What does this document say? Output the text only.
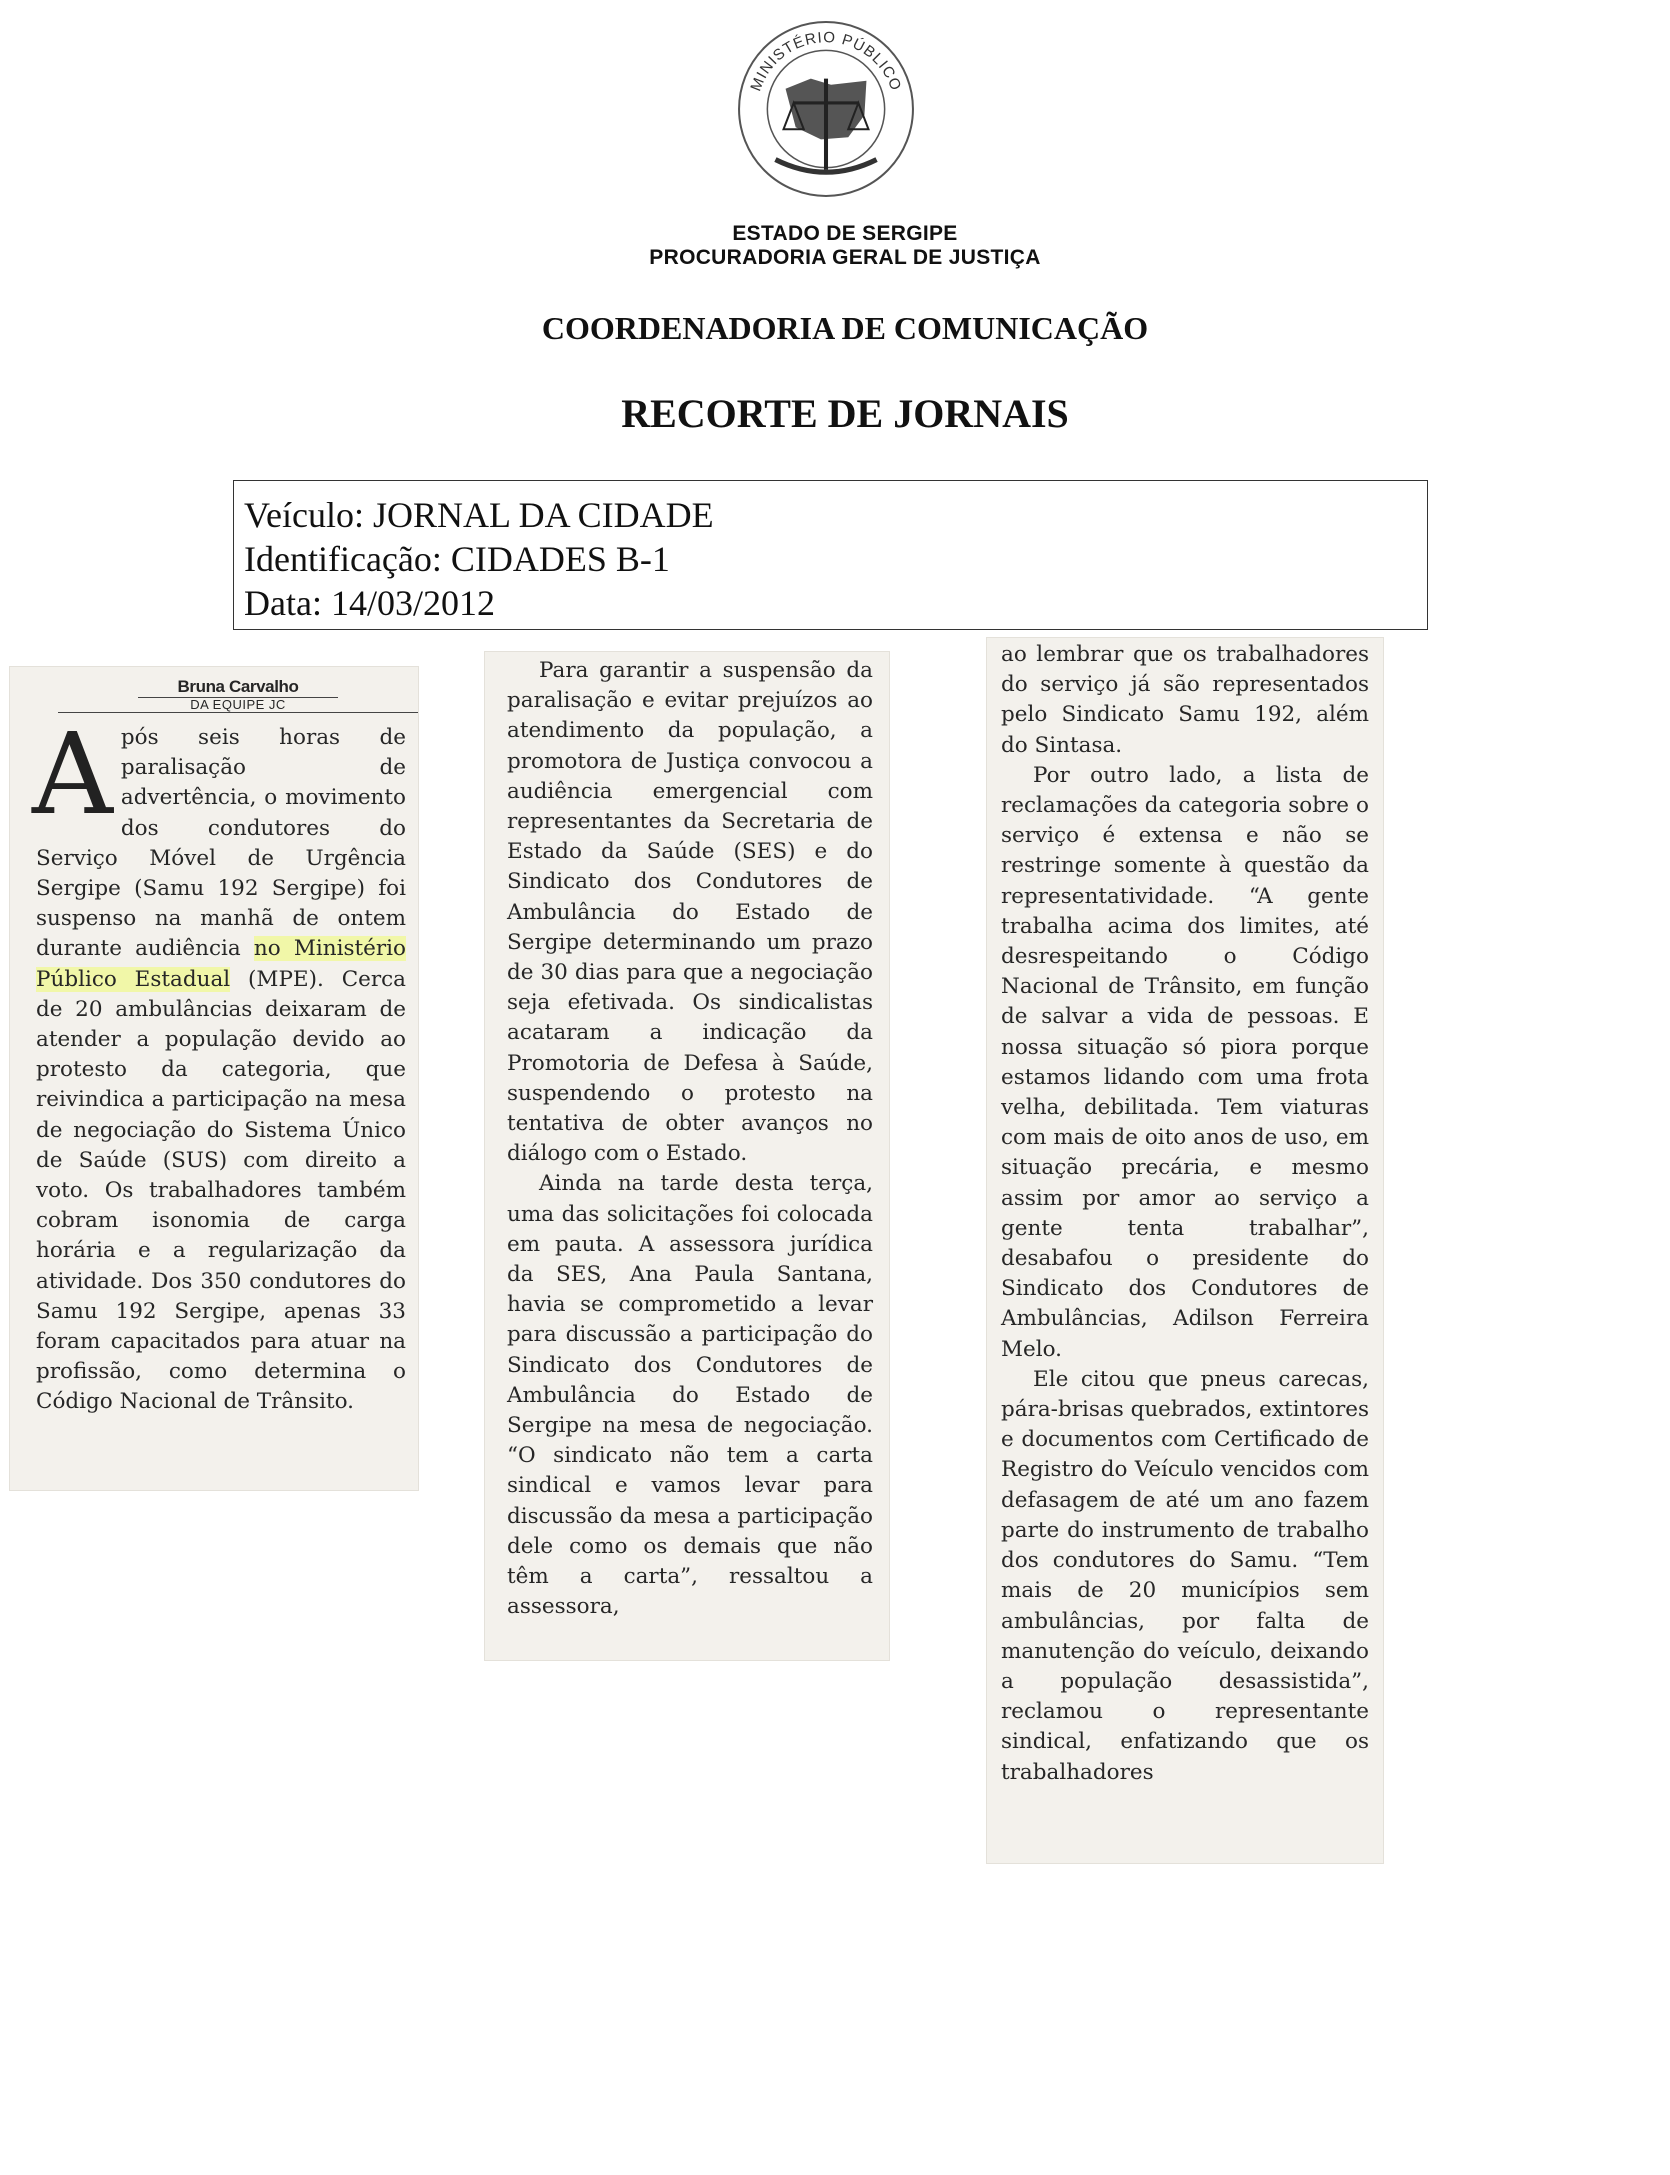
MINISTÉRIO PÚBLICO
ESTADO DE SERGIPE
PROCURADORIA GERAL DE JUSTIÇA
COORDENADORIA DE COMUNICAÇÃO
RECORTE DE JORNAIS
Veículo: JORNAL DA CIDADE
Identificação: CIDADES B-1
Data: 14/03/2012
Bruna Carvalho
DA EQUIPE JC

Após seis horas de paralisação de advertência, o movimento dos condutores do Serviço Móvel de Urgência Sergipe (Samu 192 Sergipe) foi suspenso na manhã de ontem durante audiência no Ministério Público Estadual (MPE). Cerca de 20 ambulâncias deixaram de atender a população devido ao protesto da categoria, que reivindica a participação na mesa de negociação do Sistema Único de Saúde (SUS) com direito a voto. Os trabalhadores também cobram isonomia de carga horária e a regularização da atividade. Dos 350 condutores do Samu 192 Sergipe, apenas 33 foram capacitados para atuar na profissão, como determina o Código Nacional de Trânsito.

Para garantir a suspensão da paralisação e evitar prejuízos ao atendimento da população, a promotora de Justiça convocou a audiência emergencial com representantes da Secretaria de Estado da Saúde (SES) e do Sindicato dos Condutores de Ambulância do Estado de Sergipe determinando um prazo de 30 dias para que a negociação seja efetivada. Os sindicalistas acataram a indicação da Promotoria de Defesa à Saúde, suspendendo o protesto na tentativa de obter avanços no diálogo com o Estado.

Ainda na tarde desta terça, uma das solicitações foi colocada em pauta. A assessora jurídica da SES, Ana Paula Santana, havia se comprometido a levar para discussão a participação do Sindicato dos Condutores de Ambulância do Estado de Sergipe na mesa de negociação. “O sindicato não tem a carta sindical e vamos levar para discussão da mesa a participação dele como os demais que não têm a carta”, ressaltou a assessora,

ao lembrar que os trabalhadores do serviço já são representados pelo Sindicato Samu 192, além do Sintasa.

Por outro lado, a lista de reclamações da categoria sobre o serviço é extensa e não se restringe somente à questão da representatividade. “A gente trabalha acima dos limites, até desrespeitando o Código Nacional de Trânsito, em função de salvar a vida de pessoas. E nossa situação só piora porque estamos lidando com uma frota velha, debilitada. Tem viaturas com mais de oito anos de uso, em situação precária, e mesmo assim por amor ao serviço a gente tenta trabalhar”, desabafou o presidente do Sindicato dos Condutores de Ambulâncias, Adilson Ferreira Melo.

Ele citou que pneus carecas, pára-brisas quebrados, extintores e documentos com Certificado de Registro do Veículo vencidos com defasagem de até um ano fazem parte do instrumento de trabalho dos condutores do Samu. “Tem mais de 20 municípios sem ambulâncias, por falta de manutenção do veículo, deixando a população desassistida”, reclamou o representante sindical, enfatizando que os trabalhadores
